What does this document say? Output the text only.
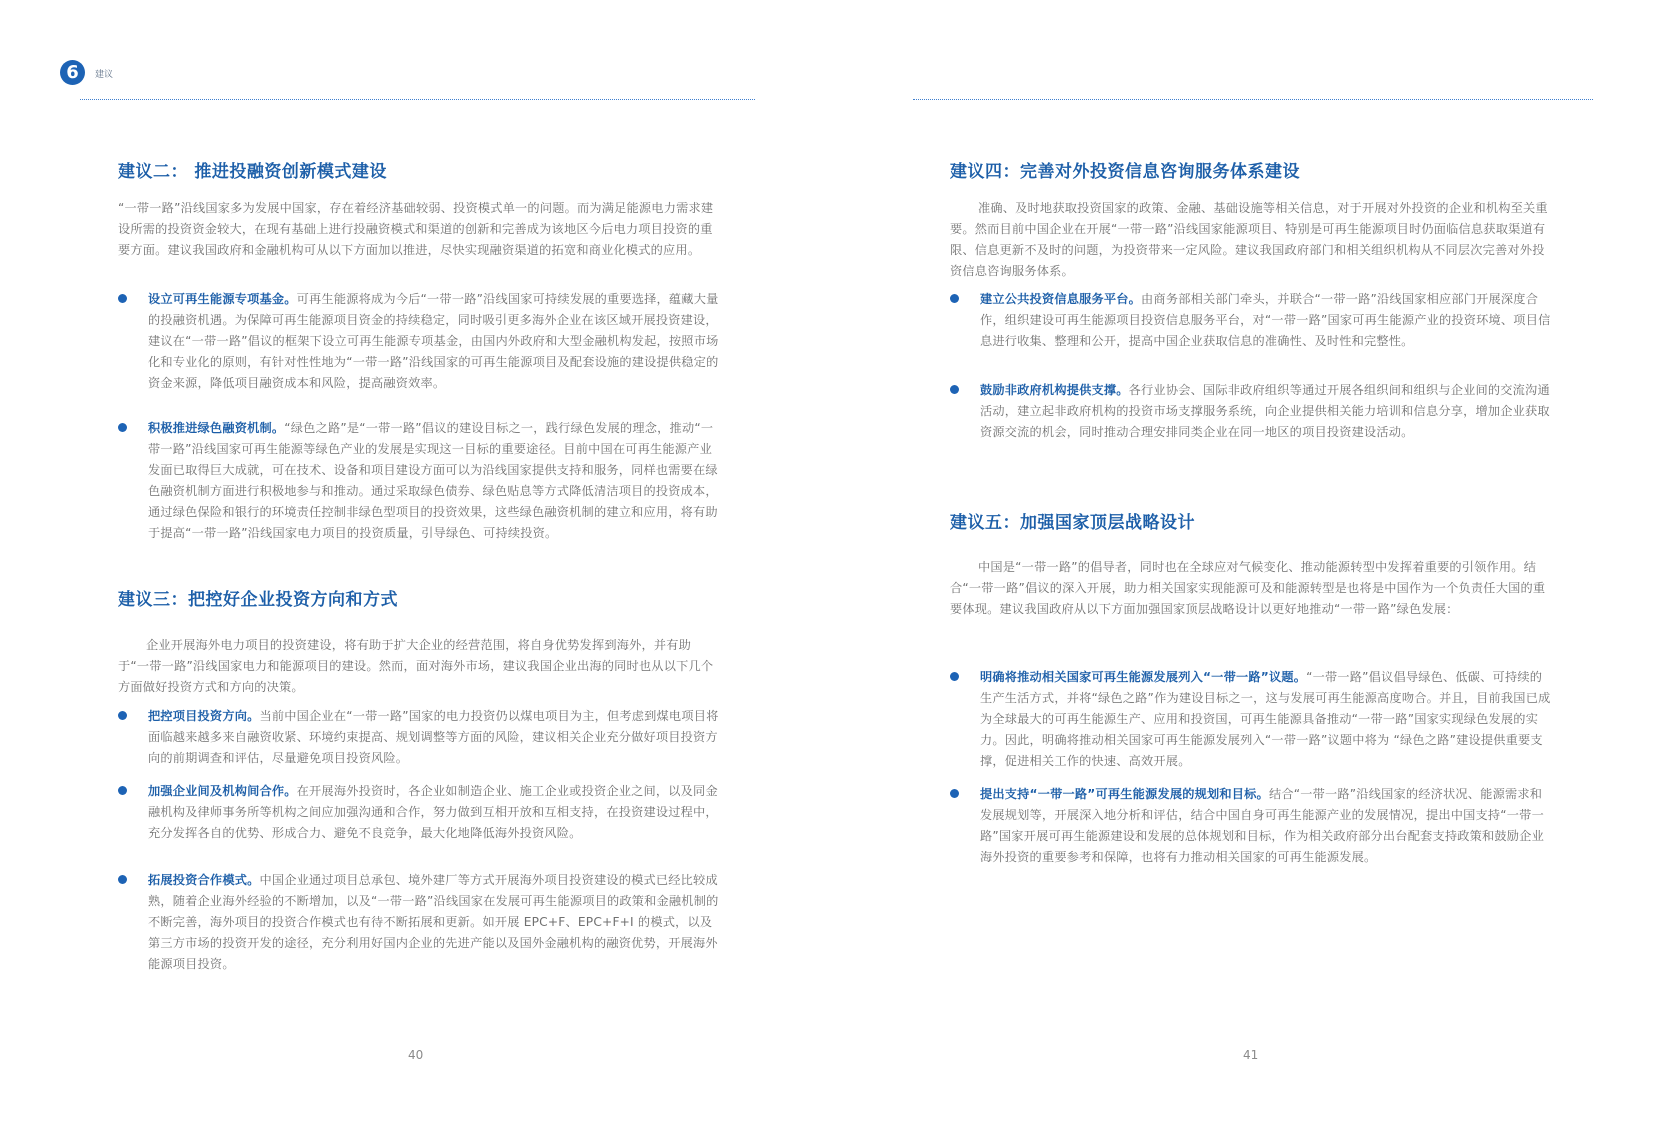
6	建议
建议二： 推进投融资创新模式建设

“一带一路”沿线国家多为发展中国家，存在着经济基础较弱、投资模式单一的问题。而为满足能源电力需求建设所需的投资资金较大，在现有基础上进行投融资模式和渠道的创新和完善成为该地区今后电力项目投资的重要方面。建议我国政府和金融机构可从以下方面加以推进，尽快实现融资渠道的拓宽和商业化模式的应用。

设立可再生能源专项基金。可再生能源将成为今后“一带一路”沿线国家可持续发展的重要选择，蕴藏大量的投融资机遇。为保障可再生能源项目资金的持续稳定，同时吸引更多海外企业在该区域开展投资建设，建议在“一带一路”倡议的框架下设立可再生能源专项基金，由国内外政府和大型金融机构发起，按照市场化和专业化的原则，有针对性性地为“一带一路”沿线国家的可再生能源项目及配套设施的建设提供稳定的资金来源，降低项目融资成本和风险，提高融资效率。

积极推进绿色融资机制。“绿色之路”是“一带一路”倡议的建设目标之一，践行绿色发展的理念，推动“一带一路”沿线国家可再生能源等绿色产业的发展是实现这一目标的重要途径。目前中国在可再生能源产业发面已取得巨大成就，可在技术、设备和项目建设方面可以为沿线国家提供支持和服务，同样也需要在绿色融资机制方面进行积极地参与和推动。通过采取绿色债券、绿色贴息等方式降低清洁项目的投资成本，通过绿色保险和银行的环境责任控制非绿色型项目的投资效果，这些绿色融资机制的建立和应用，将有助于提高“一带一路”沿线国家电力项目的投资质量，引导绿色、可持续投资。

建议三：把控好企业投资方向和方式

企业开展海外电力项目的投资建设，将有助于扩大企业的经营范围，将自身优势发挥到海外，并有助于“一带一路”沿线国家电力和能源项目的建设。然而，面对海外市场，建议我国企业出海的同时也从以下几个方面做好投资方式和方向的决策。

把控项目投资方向。当前中国企业在“一带一路”国家的电力投资仍以煤电项目为主，但考虑到煤电项目将面临越来越多来自融资收紧、环境约束提高、规划调整等方面的风险，建议相关企业充分做好项目投资方向的前期调查和评估，尽量避免项目投资风险。

加强企业间及机构间合作。在开展海外投资时，各企业如制造企业、施工企业或投资企业之间，以及同金融机构及律师事务所等机构之间应加强沟通和合作，努力做到互相开放和互相支持，在投资建设过程中，充分发挥各自的优势、形成合力、避免不良竞争，最大化地降低海外投资风险。

拓展投资合作模式。中国企业通过项目总承包、境外建厂等方式开展海外项目投资建设的模式已经比较成熟，随着企业海外经验的不断增加，以及“一带一路”沿线国家在发展可再生能源项目的政策和金融机制的不断完善，海外项目的投资合作模式也有待不断拓展和更新。如开展 EPC+F、EPC+F+I 的模式，以及第三方市场的投资开发的途径，充分利用好国内企业的先进产能以及国外金融机构的融资优势，开展海外能源项目投资。

40
建议四：完善对外投资信息咨询服务体系建设

准确、及时地获取投资国家的政策、金融、基础设施等相关信息，对于开展对外投资的企业和机构至关重要。然而目前中国企业在开展“一带一路”沿线国家能源项目、特别是可再生能源项目时仍面临信息获取渠道有限、信息更新不及时的问题，为投资带来一定风险。建议我国政府部门和相关组织机构从不同层次完善对外投资信息咨询服务体系。

建立公共投资信息服务平台。由商务部相关部门牵头，并联合“一带一路”沿线国家相应部门开展深度合作，组织建设可再生能源项目投资信息服务平台，对“一带一路”国家可再生能源产业的投资环境、项目信息进行收集、整理和公开，提高中国企业获取信息的准确性、及时性和完整性。

鼓励非政府机构提供支撑。各行业协会、国际非政府组织等通过开展各组织间和组织与企业间的交流沟通活动，建立起非政府机构的投资市场支撑服务系统，向企业提供相关能力培训和信息分享，增加企业获取资源交流的机会，同时推动合理安排同类企业在同一地区的项目投资建设活动。

建议五：加强国家顶层战略设计

中国是“一带一路”的倡导者，同时也在全球应对气候变化、推动能源转型中发挥着重要的引领作用。结合“一带一路”倡议的深入开展，助力相关国家实现能源可及和能源转型是也将是中国作为一个负责任大国的重要体现。建议我国政府从以下方面加强国家顶层战略设计以更好地推动“一带一路”绿色发展：

明确将推动相关国家可再生能源发展列入“一带一路”议题。“一带一路”倡议倡导绿色、低碳、可持续的生产生活方式，并将“绿色之路”作为建设目标之一，这与发展可再生能源高度吻合。并且，目前我国已成为全球最大的可再生能源生产、应用和投资国，可再生能源具备推动“一带一路”国家实现绿色发展的实力。因此，明确将推动相关国家可再生能源发展列入“一带一路”议题中将为 “绿色之路”建设提供重要支撑，促进相关工作的快速、高效开展。

提出支持“一带一路”可再生能源发展的规划和目标。结合“一带一路”沿线国家的经济状况、能源需求和发展规划等，开展深入地分析和评估，结合中国自身可再生能源产业的发展情况，提出中国支持“一带一路”国家开展可再生能源建设和发展的总体规划和目标，作为相关政府部分出台配套支持政策和鼓励企业海外投资的重要参考和保障，也将有力推动相关国家的可再生能源发展。

41
